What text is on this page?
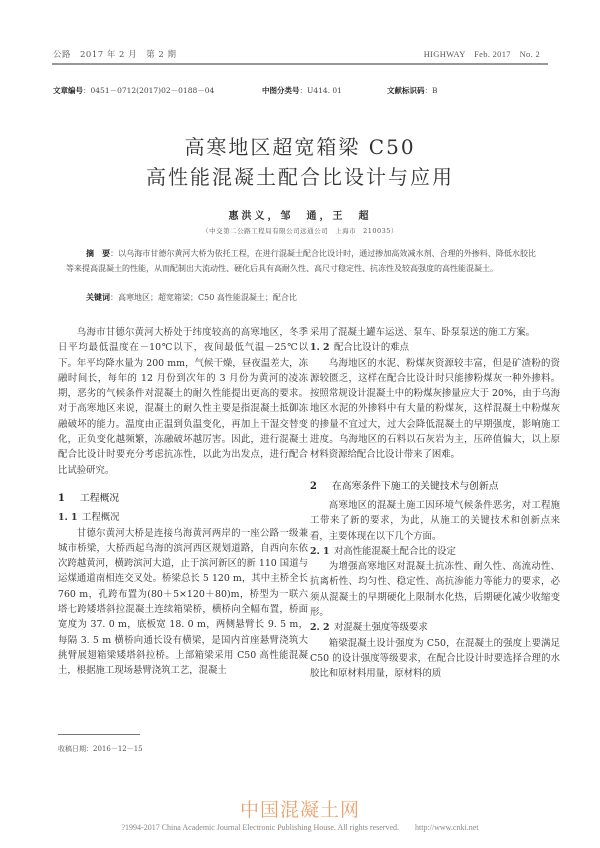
公路　2017 年 2 月　第 2 期	HIGHWAY　Feb. 2017　No. 2
文章编号：0451－0712(2017)02－0188－04	中图分类号：U414. 01	文献标识码：B
高寒地区超宽箱梁 C50
高性能混凝土配合比设计与应用
惠洪义，邹　通，王　超
（中交第二公路工程局有限公司远通公司　上海市　210035）
摘　要：以乌海市甘德尔黄河大桥为依托工程，在进行混凝土配合比设计时，通过掺加高效减水剂、合理的外掺料、降低水胶比等来提高混凝土的性能，从而配制出大流动性、硬化后具有高耐久性、高尺寸稳定性、抗冻性及较高强度的高性能混凝土。
关键词：高寒地区；超宽箱梁；C50 高性能混凝土；配合比

乌海市甘德尔黄河大桥处于纬度较高的高寒地区，冬季日平均最低温度在－10℃以下，夜间最低气温－25℃以下。年平均降水量为 200 mm，气候干燥，昼夜温差大，冻融时间长，每年的 12 月份到次年的 3 月份为黄河的凌冻期，恶劣的气候条件对混凝土的耐久性能提出更高的要求。对于高寒地区来说，混凝土的耐久性主要是指混凝土抵御冻融破坏的能力。温度由正温到负温变化，再加上干湿交替变化，正负变化越频繁，冻融破坏越厉害。因此，进行混凝土配合比设计时要充分考虑抗冻性，以此为出发点，进行配合比试验研究。

1 工程概况
1. 1 工程概况

甘德尔黄河大桥是连接乌海黄河两岸的一座公路一级兼城市桥梁，大桥西起乌海的滨河西区规划道路，自西向东依次跨越黄河，横跨滨河大道，止于滨河新区的新 110 国道与运煤通道南相连交叉处。桥梁总长 5 120 m，其中主桥全长 760 m，孔跨布置为(80＋5×120＋80)m，桥型为一联六塔七跨矮塔斜拉混凝土连续箱梁桥，横桥向全幅布置，桥面宽度为 37. 0 m，底板宽 18. 0 m，两侧悬臂长 9. 5 m，每隔 3. 5 m 横桥向通长设有横梁，是国内首座悬臂浇筑大挑臂展翅箱梁矮塔斜拉桥。上部箱梁采用 C50 高性能混凝土，根据施工现场悬臂浇筑工艺，混凝土

采用了混凝土罐车运送、泵车、卧泵泵送的施工方案。

1. 2 配合比设计的难点

乌海地区的水泥、粉煤灰资源较丰富，但是矿渣粉的资源较匮乏，这样在配合比设计时只能掺粉煤灰一种外掺料。按照常规设计混凝土中的粉煤灰掺量应大于 20%，由于乌海地区水泥的外掺料中有大量的粉煤灰，这样混凝土中粉煤灰的掺量不宜过大，过大会降低混凝土的早期强度，影响施工进度。乌海地区的石料以石灰岩为主，压碎值偏大，以上原材料资源给配合比设计带来了困难。

2 在高寒条件下施工的关键技术与创新点

高寒地区的混凝土施工因环境气候条件恶劣，对工程施工带来了新的要求，为此，从施工的关键技术和创新点来看，主要体现在以下几个方面。

2. 1 对高性能混凝土配合比的设定

为增强高寒地区对混凝土抗冻性、耐久性、高流动性、抗离析性、均匀性、稳定性、高抗渗能力等能力的要求，必须从混凝土的早期硬化上限制水化热，后期硬化减少收缩变形。

2. 2 对混凝土强度等级要求

箱梁混凝土设计强度为 C50，在混凝土的强度上要满足 C50 的设计强度等级要求，在配合比设计时要选择合理的水胶比和原材料用量，原材料的质

收稿日期：2016－12－15
中国混凝土网
?1994-2017 China Academic Journal Electronic Publishing House. All rights reserved.　　http://www.cnki.net
